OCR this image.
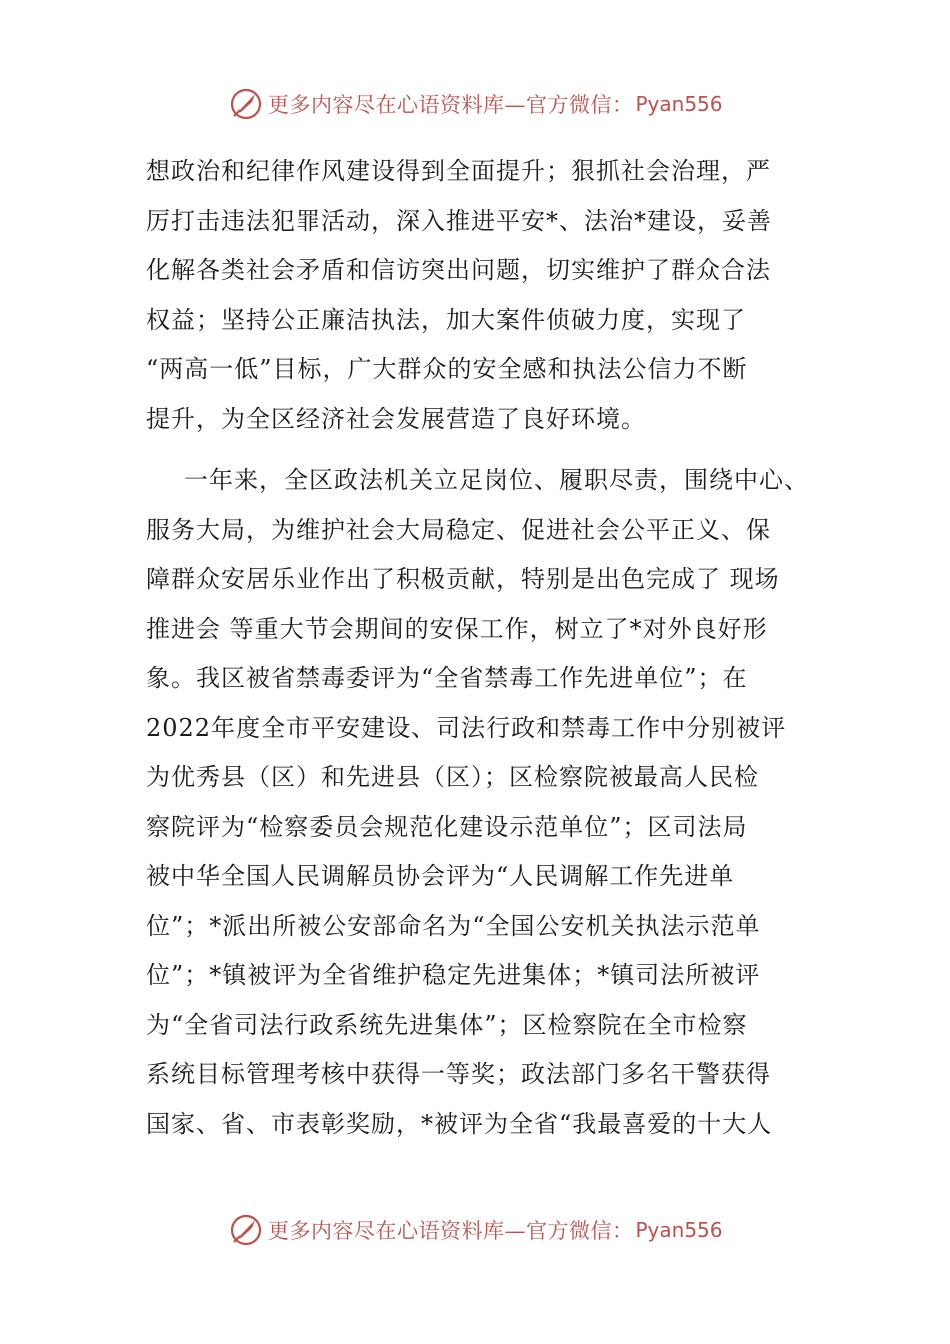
更多内容尽在心语资料库—官方微信： Pyan556
想政治和纪律作风建设得到全面提升；狠抓社会治理，严
厉打击违法犯罪活动，深入推进平安*、法治*建设，妥善
化解各类社会矛盾和信访突出问题，切实维护了群众合法
权益；坚持公正廉洁执法，加大案件侦破力度，实现了
“两高一低”目标，广大群众的安全感和执法公信力不断
提升，为全区经济社会发展营造了良好环境。
一年来，全区政法机关立足岗位、履职尽责，围绕中心、
服务大局，为维护社会大局稳定、促进社会公平正义、保
障群众安居乐业作出了积极贡献，特别是出色完成了 现场
推进会 等重大节会期间的安保工作，树立了*对外良好形
象。我区被省禁毒委评为“全省禁毒工作先进单位”；在
2022年度全市平安建设、司法行政和禁毒工作中分别被评
为优秀县（区）和先进县（区）；区检察院被最高人民检
察院评为“检察委员会规范化建设示范单位”；区司法局
被中华全国人民调解员协会评为“人民调解工作先进单
位”；*派出所被公安部命名为“全国公安机关执法示范单
位”；*镇被评为全省维护稳定先进集体；*镇司法所被评
为“全省司法行政系统先进集体”；区检察院在全市检察
系统目标管理考核中获得一等奖；政法部门多名干警获得
国家、省、市表彰奖励，*被评为全省“我最喜爱的十大人
更多内容尽在心语资料库—官方微信： Pyan556
